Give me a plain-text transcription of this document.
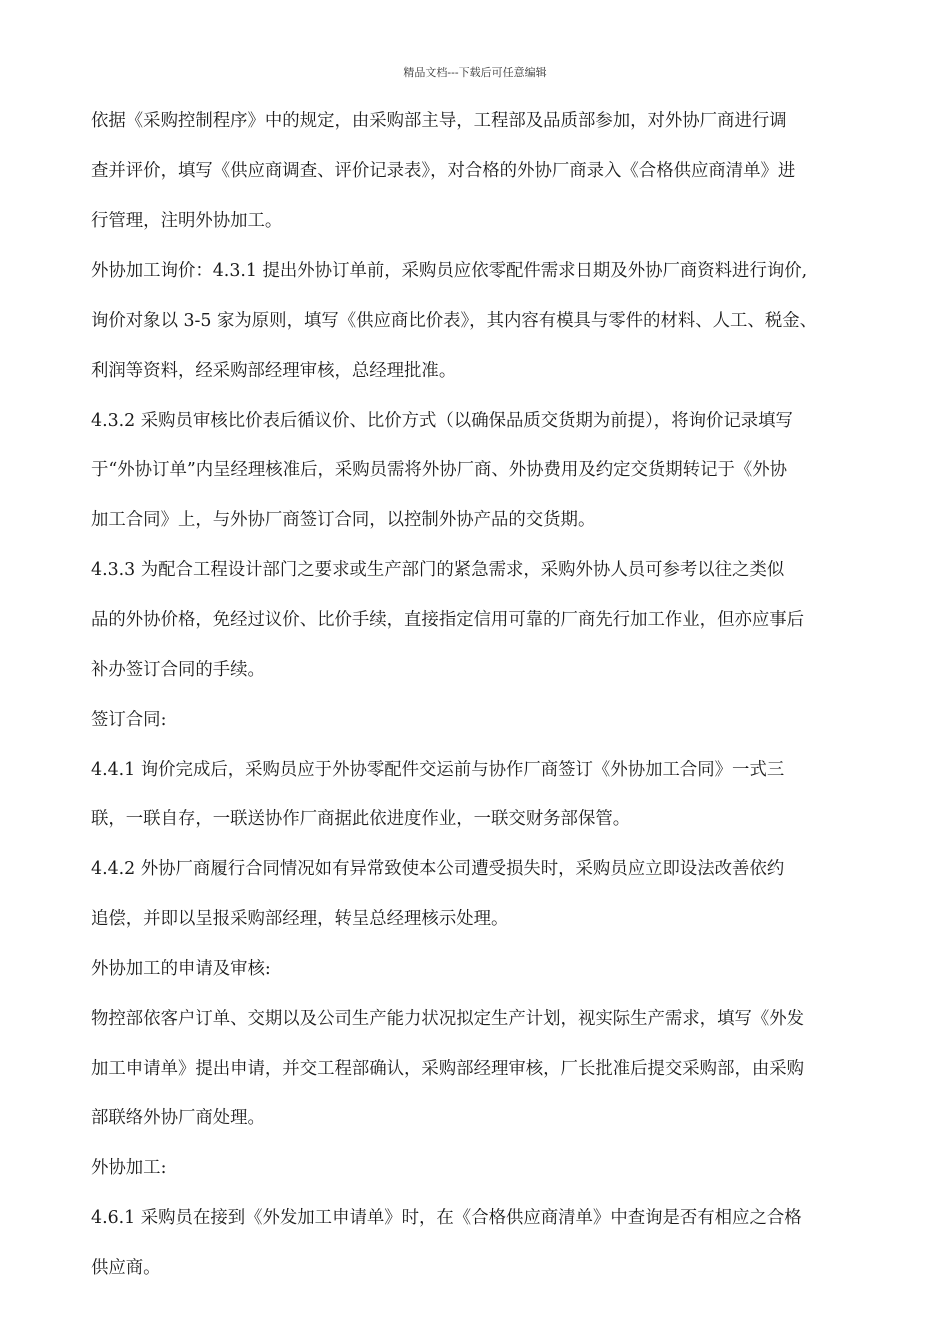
精品文档---下载后可任意编辑
依据《采购控制程序》中的规定，由采购部主导，工程部及品质部参加，对外协厂商进行调
查并评价，填写《供应商调查、评价记录表》，对合格的外协厂商录入《合格供应商清单》进
行管理，注明外协加工。
外协加工询价：4.3.1 提出外协订单前，采购员应依零配件需求日期及外协厂商资料进行询价,
询价对象以 3-5 家为原则，填写《供应商比价表》，其内容有模具与零件的材料、人工、税金、
利润等资料，经采购部经理审核，总经理批准。
4.3.2 采购员审核比价表后循议价、比价方式（以确保品质交货期为前提），将询价记录填写
于“外协订单”内呈经理核准后，采购员需将外协厂商、外协费用及约定交货期转记于《外协
加工合同》上，与外协厂商签订合同，以控制外协产品的交货期。
4.3.3 为配合工程设计部门之要求或生产部门的紧急需求，采购外协人员可参考以往之类似
品的外协价格，免经过议价、比价手续，直接指定信用可靠的厂商先行加工作业，但亦应事后
补办签订合同的手续。
签订合同:
4.4.1 询价完成后，采购员应于外协零配件交运前与协作厂商签订《外协加工合同》一式三
联，一联自存，一联送协作厂商据此依进度作业，一联交财务部保管。
4.4.2 外协厂商履行合同情况如有异常致使本公司遭受损失时，采购员应立即设法改善依约
追偿，并即以呈报采购部经理，转呈总经理核示处理。
外协加工的申请及审核:
物控部依客户订单、交期以及公司生产能力状况拟定生产计划，视实际生产需求，填写《外发
加工申请单》提出申请，并交工程部确认，采购部经理审核，厂长批准后提交采购部，由采购
部联络外协厂商处理。
外协加工:
4.6.1 采购员在接到《外发加工申请单》时，在《合格供应商清单》中查询是否有相应之合格
供应商。
